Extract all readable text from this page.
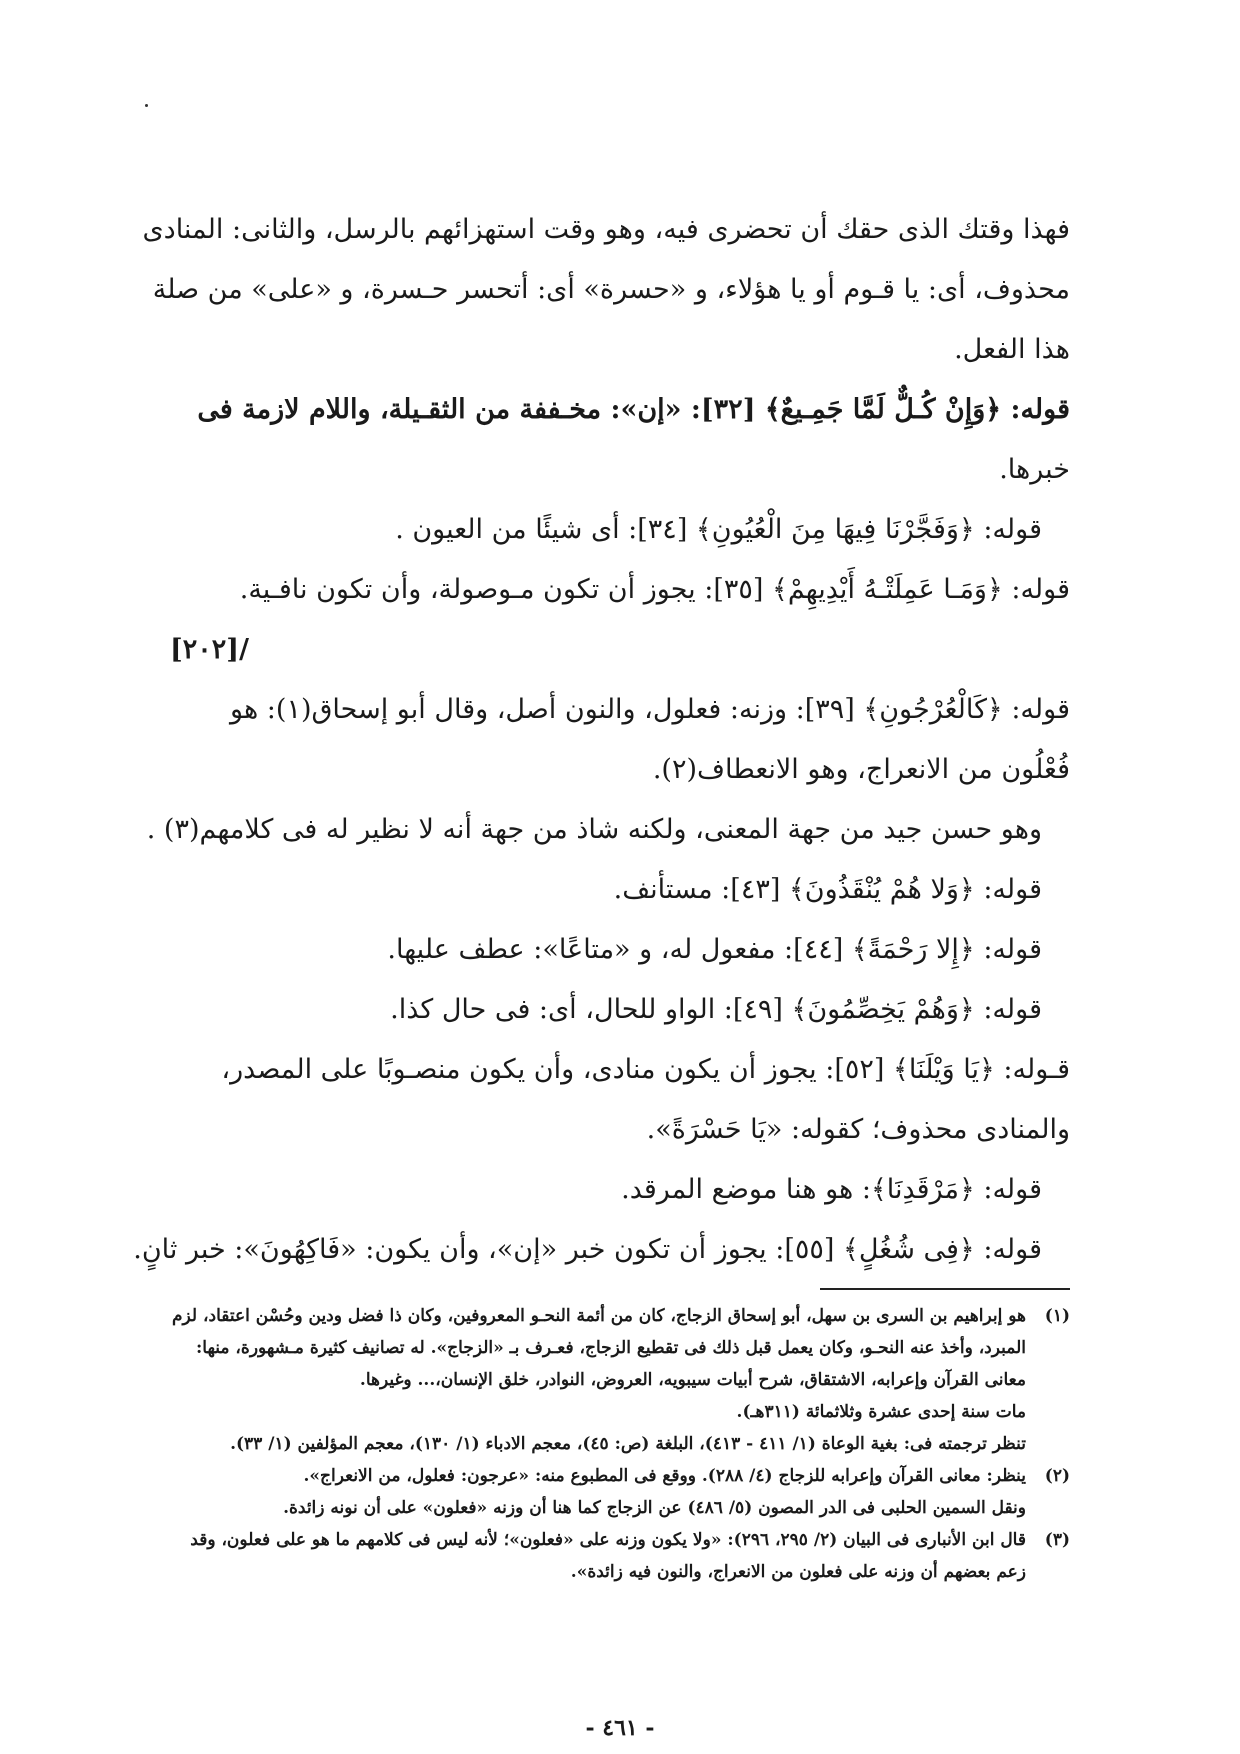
فهذا وقتك الذى حقك أن تحضرى فيه، وهو وقت استهزائهم بالرسل، والثانى: المنادى
محذوف، أى: يا قـوم أو يا هؤلاء، و «حسرة» أى: أتحسر حـسرة، و «على» من صلة
هذا الفعل.
قوله: ﴿وَإِنْ كُـلٌّ لَمَّا جَمِـيعٌ﴾ [٣٢]: «إن»: مخـففة من الثقـيلة، واللام لازمة فى
خبرها.
قوله: ﴿وَفَجَّرْنَا فِيهَا مِنَ الْعُيُونِ﴾ [٣٤]: أى شيئًا من العيون .
قوله: ﴿وَمَـا عَمِلَتْـهُ أَيْدِيهِمْ﴾ [٣٥]: يجوز أن تكون مـوصولة، وأن تكون نافـية.
/[٢٠٢]
قوله: ﴿كَالْعُرْجُونِ﴾ [٣٩]: وزنه: فعلول، والنون أصل، وقال أبو إسحاق(١): هو
فُعْلُون من الانعراج، وهو الانعطاف(٢).
وهو حسن جيد من جهة المعنى، ولكنه شاذ من جهة أنه لا نظير له فى كلامهم(٣) .
قوله: ﴿وَلا هُمْ يُنْقَذُونَ﴾ [٤٣]: مستأنف.
قوله: ﴿إِلا رَحْمَةً﴾ [٤٤]: مفعول له، و «متاعًا»: عطف عليها.
قوله: ﴿وَهُمْ يَخِصِّمُونَ﴾ [٤٩]: الواو للحال، أى: فى حال كذا.
قـوله: ﴿يَا وَيْلَنَا﴾ [٥٢]: يجوز أن يكون منادى، وأن يكون منصـوبًا على المصدر،
والمنادى محذوف؛ كقوله: «يَا حَسْرَةً».
قوله: ﴿مَرْقَدِنَا﴾: هو هنا موضع المرقد.
قوله: ﴿فِى شُغُلٍ﴾ [٥٥]: يجوز أن تكون خبر «إن»، وأن يكون: «فَاكِهُونَ»: خبر ثانٍ.
(١)

هو إبراهيم بن السرى بن سهل، أبو إسحاق الزجاج، كان من أئمة النحـو المعروفين، وكان ذا فضل ودين وحُسْن اعتقاد، لزم

المبرد، وأخذ عنه النحـو، وكان يعمل قبل ذلك فى تقطيع الزجاج، فعـرف بـ «الزجاج». له تصانيف كثيرة مـشهورة، منها:

معانى القرآن وإعرابه، الاشتقاق، شرح أبيات سيبويه، العروض، النوادر، خلق الإنسان،... وغيرها.

مات سنة إحدى عشرة وثلاثمائة (٣١١هـ).

تنظر ترجمته فى: بغية الوعاة (١/ ٤١١ - ٤١٣)، البلغة (ص: ٤٥)، معجم الادباء (١/ ١٣٠)، معجم المؤلفين (١/ ٣٣).

(٢)

ينظر: معانى القرآن وإعرابه للزجاج (٤/ ٢٨٨). ووقع فى المطبوع منه: «عرجون: فعلول، من الانعراج».

ونقل السمين الحلبى فى الدر المصون (٥/ ٤٨٦) عن الزجاج كما هنا أن وزنه «فعلون» على أن نونه زائدة.

(٣)

قال ابن الأنبارى فى البيان (٢/ ٢٩٥، ٢٩٦): «ولا يكون وزنه على «فعلون»؛ لأنه ليس فى كلامهم ما هو على فعلون، وقد

زعم بعضهم أن وزنه على فعلون من الانعراج، والنون فيه زائدة».

- ٤٦١ -
